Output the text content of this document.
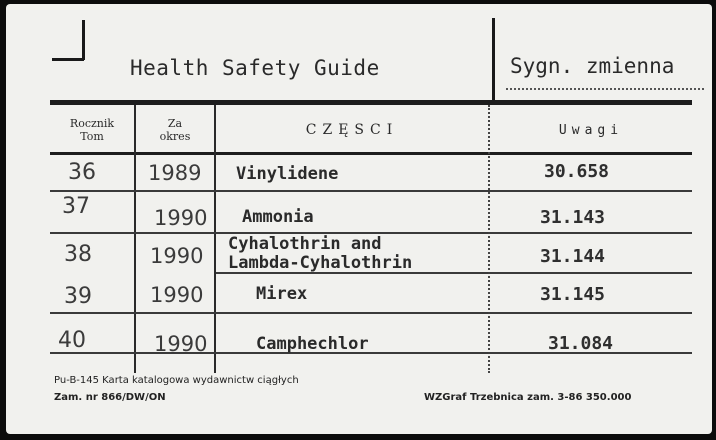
Health Safety Guide	Sygn. zmienna
Rocznik
Tom
Za
okres	CZĘSCI	Uwagi
36 1989 Vinylidene	30.658
37	1990 Ammonia	31.143
38	1990 Cyhalothrin and
Lambda-Cyhalothrin	31.144
39	1990	Mirex	31.145
40	1990	Camphechlor	31.084
Pu-B-145 Karta katalogowa wydawnictw ciągłych
Zam. nr 866/DW/ON	WZGraf Trzebnica zam. 3-86 350.000
